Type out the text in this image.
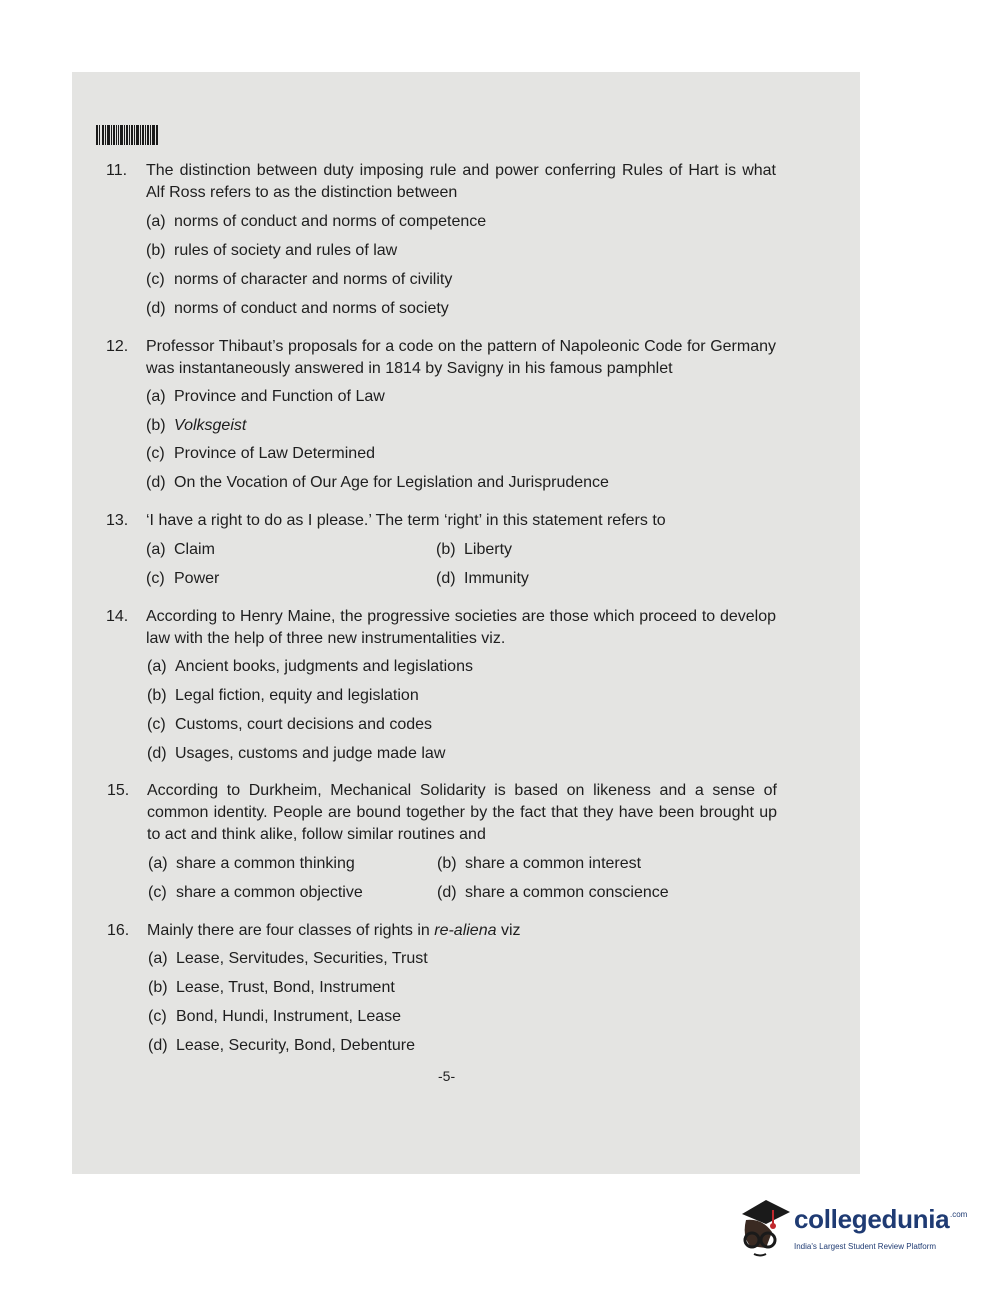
11. The distinction between duty imposing rule and power conferring Rules of Hart is what Alf Ross refers to as the distinction between
(a) norms of conduct and norms of competence
(b) rules of society and rules of law
(c) norms of character and norms of civility
(d) norms of conduct and norms of society
12. Professor Thibaut’s proposals for a code on the pattern of Napoleonic Code for Germany was instantaneously answered in 1814 by Savigny in his famous pamphlet
(a) Province and Function of Law
(b) Volksgeist
(c) Province of Law Determined
(d) On the Vocation of Our Age for Legislation and Jurisprudence
13. ‘I have a right to do as I please.’ The term ‘right’ in this statement refers to
(a) Claim	(b) Liberty
(c) Power	(d) Immunity
14. According to Henry Maine, the progressive societies are those which proceed to develop law with the help of three new instrumentalities viz.
(a) Ancient books, judgments and legislations
(b) Legal fiction, equity and legislation
(c) Customs, court decisions and codes
(d) Usages, customs and judge made law
15. According to Durkheim, Mechanical Solidarity is based on likeness and a sense of common identity. People are bound together by the fact that they have been brought up to act and think alike, follow similar routines and
(a) share a common thinking	(b) share a common interest
(c) share a common objective	(d) share a common conscience
16. Mainly there are four classes of rights in re-aliena viz
(a) Lease, Servitudes, Securities, Trust
(b) Lease, Trust, Bond, Instrument
(c) Bond, Hundi, Instrument, Lease
(d) Lease, Security, Bond, Debenture
-5-
collegedunia .com
India's Largest Student Review Platform
